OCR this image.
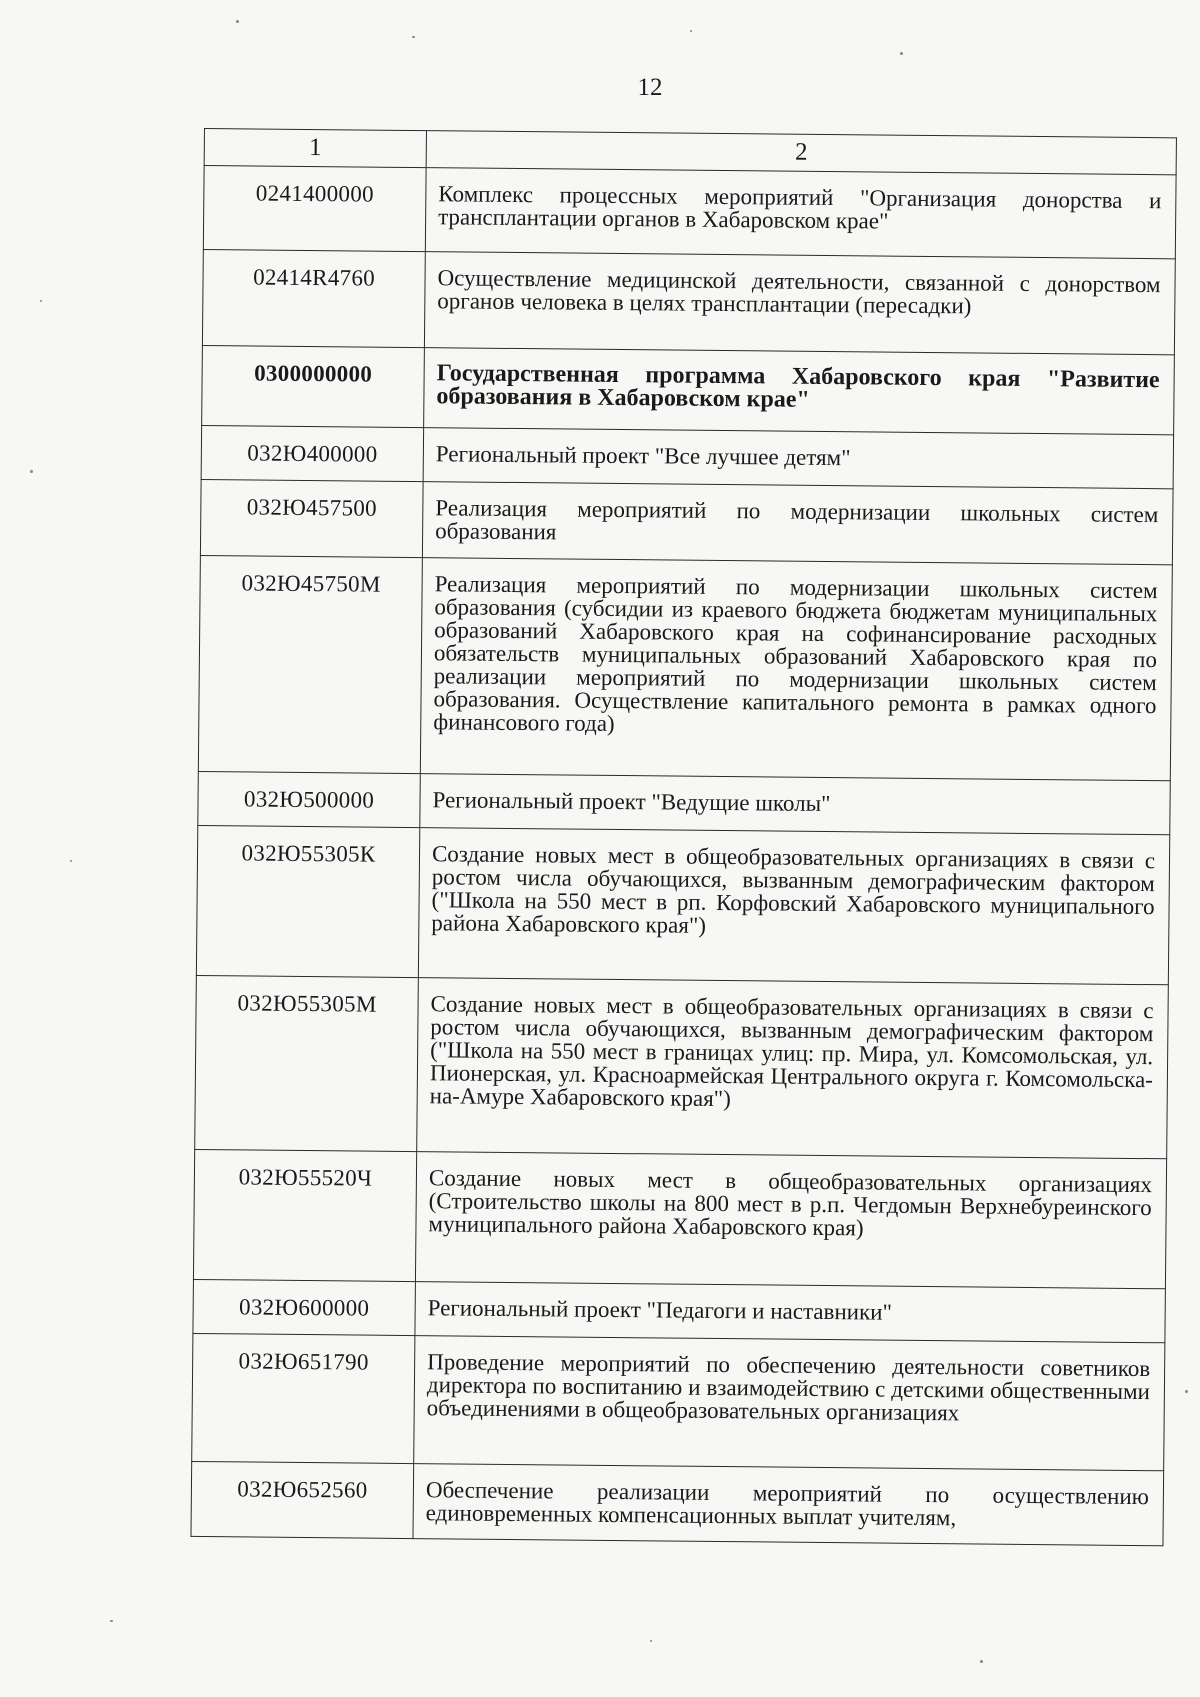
12
1	2
0241400000	Комплекс процессных мероприятий "Организация донорства и трансплантации органов в Хабаровском крае"
02414R4760	Осуществление медицинской деятельности, связанной с донорством органов человека в целях трансплантации (пересадки)
0300000000	Государственная программа Хабаровского края "Развитие образования в Хабаровском крае"
032Ю400000	Региональный проект "Все лучшее детям"
032Ю457500	Реализация мероприятий по модернизации школьных систем образования
032Ю45750М	Реализация мероприятий по модернизации школьных систем образования (субсидии из краевого бюджета бюджетам муниципальных образований Хабаровского края на софинансирование расходных обязательств муниципальных образований Хабаровского края по реализации мероприятий по модернизации школьных систем образования. Осуществление капитального ремонта в рамках одного финансового года)
032Ю500000	Региональный проект "Ведущие школы"
032Ю55305К	Создание новых мест в общеобразовательных организациях в связи с ростом числа обучающихся, вызванным демографическим фактором ("Школа на 550 мест в рп. Корфовский Хабаровского муниципального района Хабаровского края")
032Ю55305М	Создание новых мест в общеобразовательных организациях в связи с ростом числа обучающихся, вызванным демографическим фактором ("Школа на 550 мест в границах улиц: пр. Мира, ул. Комсомольская, ул. Пионерская, ул. Красноармейская Центрального округа г. Комсомольска-на-Амуре Хабаровского края")
032Ю55520Ч	Создание новых мест в общеобразовательных организациях (Строительство школы на 800 мест в р.п. Чегдомын Верхнебуреинского муниципального района Хабаровского края)
032Ю600000	Региональный проект "Педагоги и наставники"
032Ю651790	Проведение мероприятий по обеспечению деятельности советников директора по воспитанию и взаимодействию с детскими общественными объединениями в общеобразовательных организациях
032Ю652560	Обеспечение реализации мероприятий по осуществлению единовременных компенсационных выплат учителям,
